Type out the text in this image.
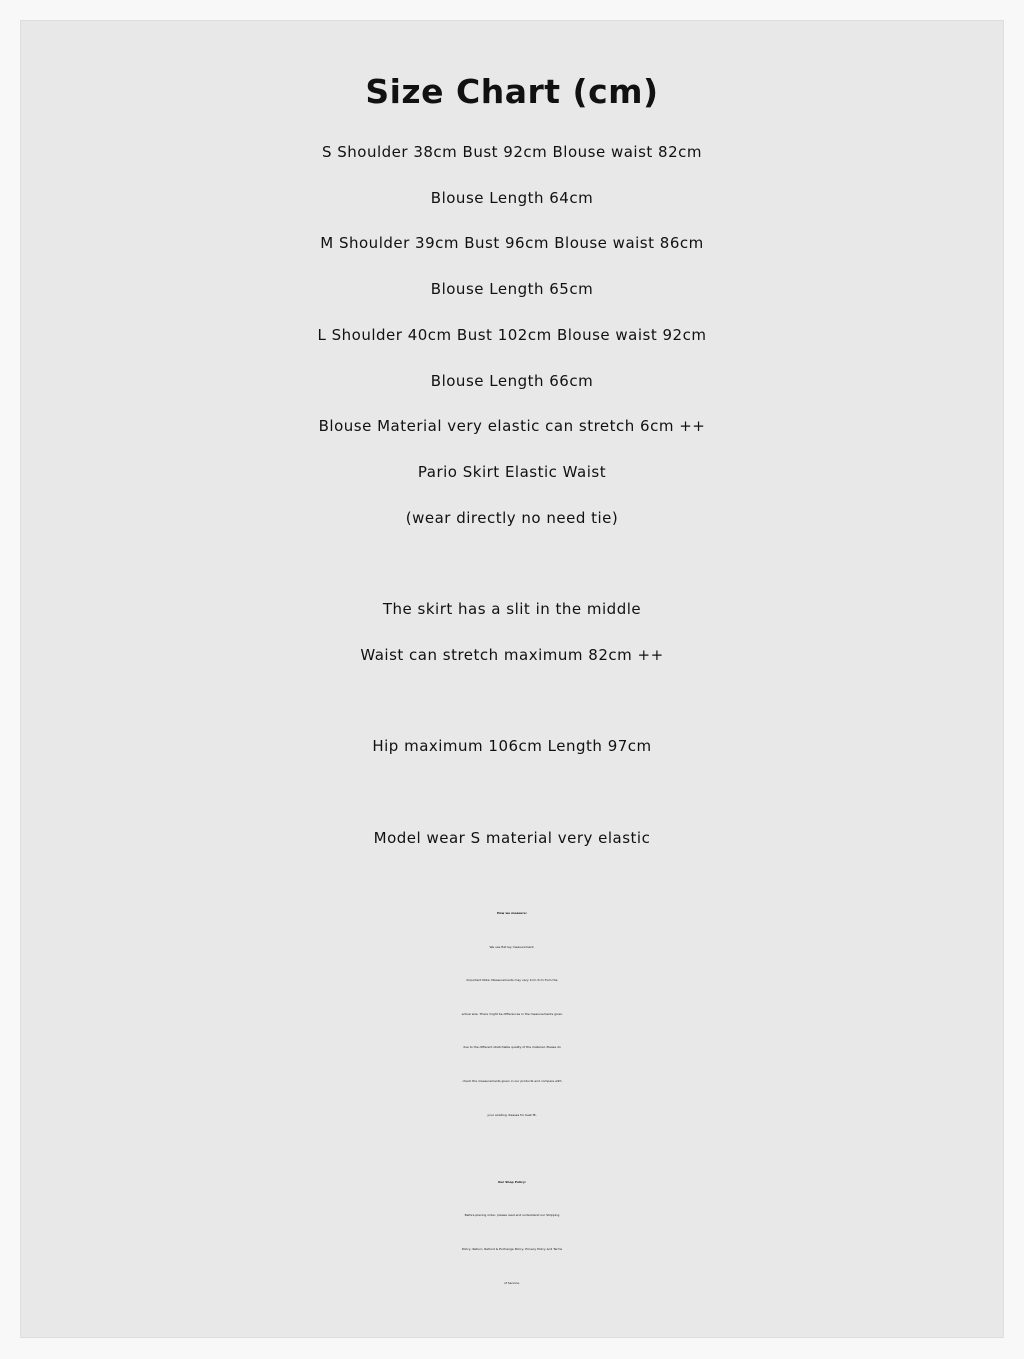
Size Chart (cm)
S Shoulder 38cm Bust 92cm Blouse waist 82cm
Blouse Length 64cm
M Shoulder 39cm Bust 96cm Blouse waist 86cm
Blouse Length 65cm
L Shoulder 40cm Bust 102cm Blouse waist 92cm
Blouse Length 66cm
Blouse Material very elastic can stretch 6cm ++
Pario Skirt Elastic Waist
(wear directly no need tie)
The skirt has a slit in the middle
Waist can stretch maximum 82cm ++
Hip maximum 106cm Length 97cm
Model wear S material very elastic
How we measure:
We use flat lay measurement.
Important Note: Measurements may vary 1cm-3cm from the
actual size. There might be differences in the measurements given
due to the different stretchable quality of the material. Please do
check the measurements given in our products and compare with
your existing dresses for best fit.
Our Shop Policy:
Before placing order, please read and understand our Shipping
Policy, Return, Refund & Exchange Policy, Privacy Policy and Terms
of Service.
